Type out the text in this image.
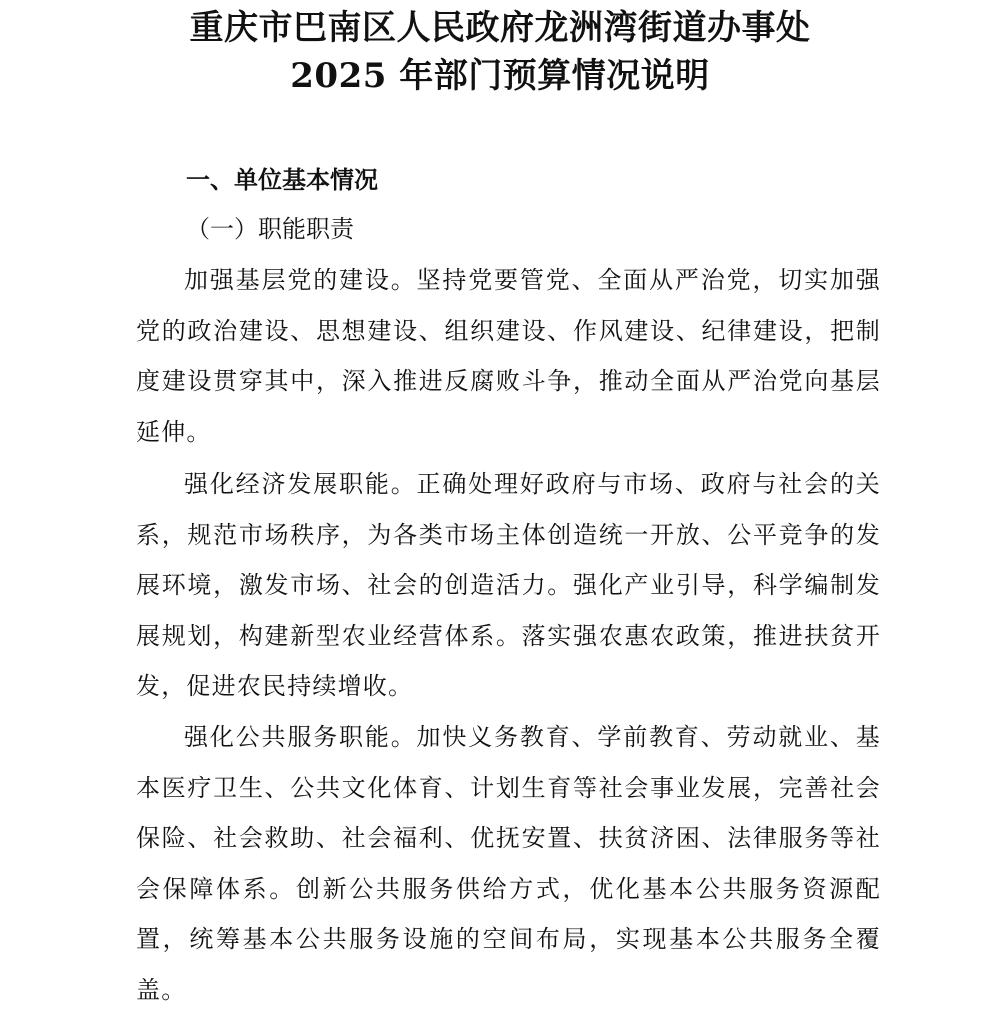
重庆市巴南区人民政府龙洲湾街道办事处
2025 年部门预算情况说明
一、单位基本情况
（一）职能职责

加强基层党的建设。坚持党要管党、全面从严治党，切实加强党的政治建设、思想建设、组织建设、作风建设、纪律建设，把制度建设贯穿其中，深入推进反腐败斗争，推动全面从严治党向基层延伸。

强化经济发展职能。正确处理好政府与市场、政府与社会的关系，规范市场秩序，为各类市场主体创造统一开放、公平竞争的发展环境，激发市场、社会的创造活力。强化产业引导，科学编制发展规划，构建新型农业经营体系。落实强农惠农政策，推进扶贫开发，促进农民持续增收。

强化公共服务职能。加快义务教育、学前教育、劳动就业、基本医疗卫生、公共文化体育、计划生育等社会事业发展，完善社会保险、社会救助、社会福利、优抚安置、扶贫济困、法律服务等社会保障体系。创新公共服务供给方式，优化基本公共服务资源配置，统筹基本公共服务设施的空间布局，实现基本公共服务全覆盖。
